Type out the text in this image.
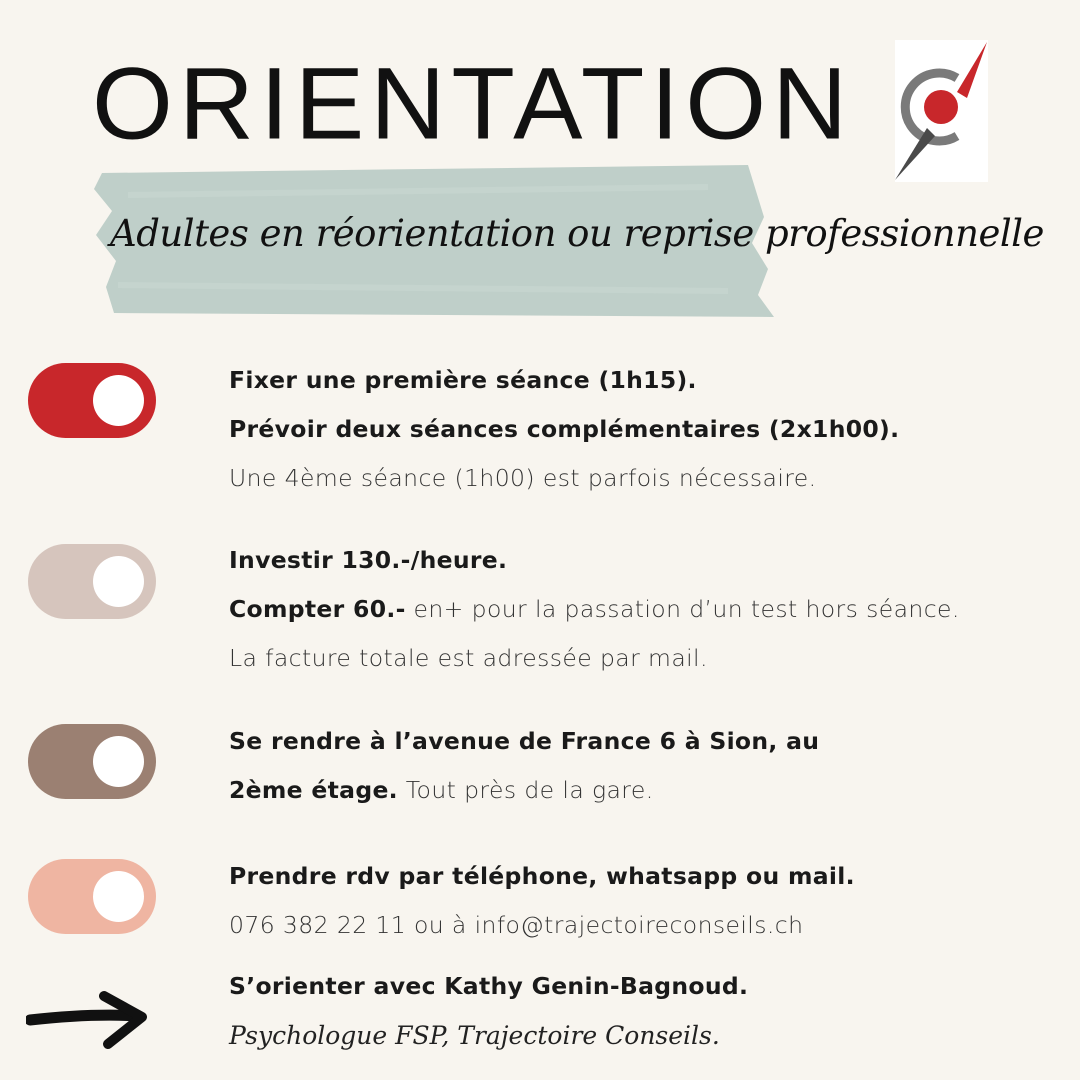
ORIENTATION
Adultes en réorientation ou reprise professionnelle
Fixer une première séance (1h15).
Prévoir deux séances complémentaires (2x1h00).
Une 4ème séance (1h00) est parfois nécessaire.
Investir 130.-/heure.
Compter 60.- en+ pour la passation d’un test hors séance.
La facture totale est adressée par mail.
Se rendre à l’avenue de France 6 à Sion, au
2ème étage. Tout près de la gare.
Prendre rdv par téléphone, whatsapp ou mail.
076 382 22 11 ou à info@trajectoireconseils.ch
S’orienter avec Kathy Genin-Bagnoud.
Psychologue FSP, Trajectoire Conseils.
